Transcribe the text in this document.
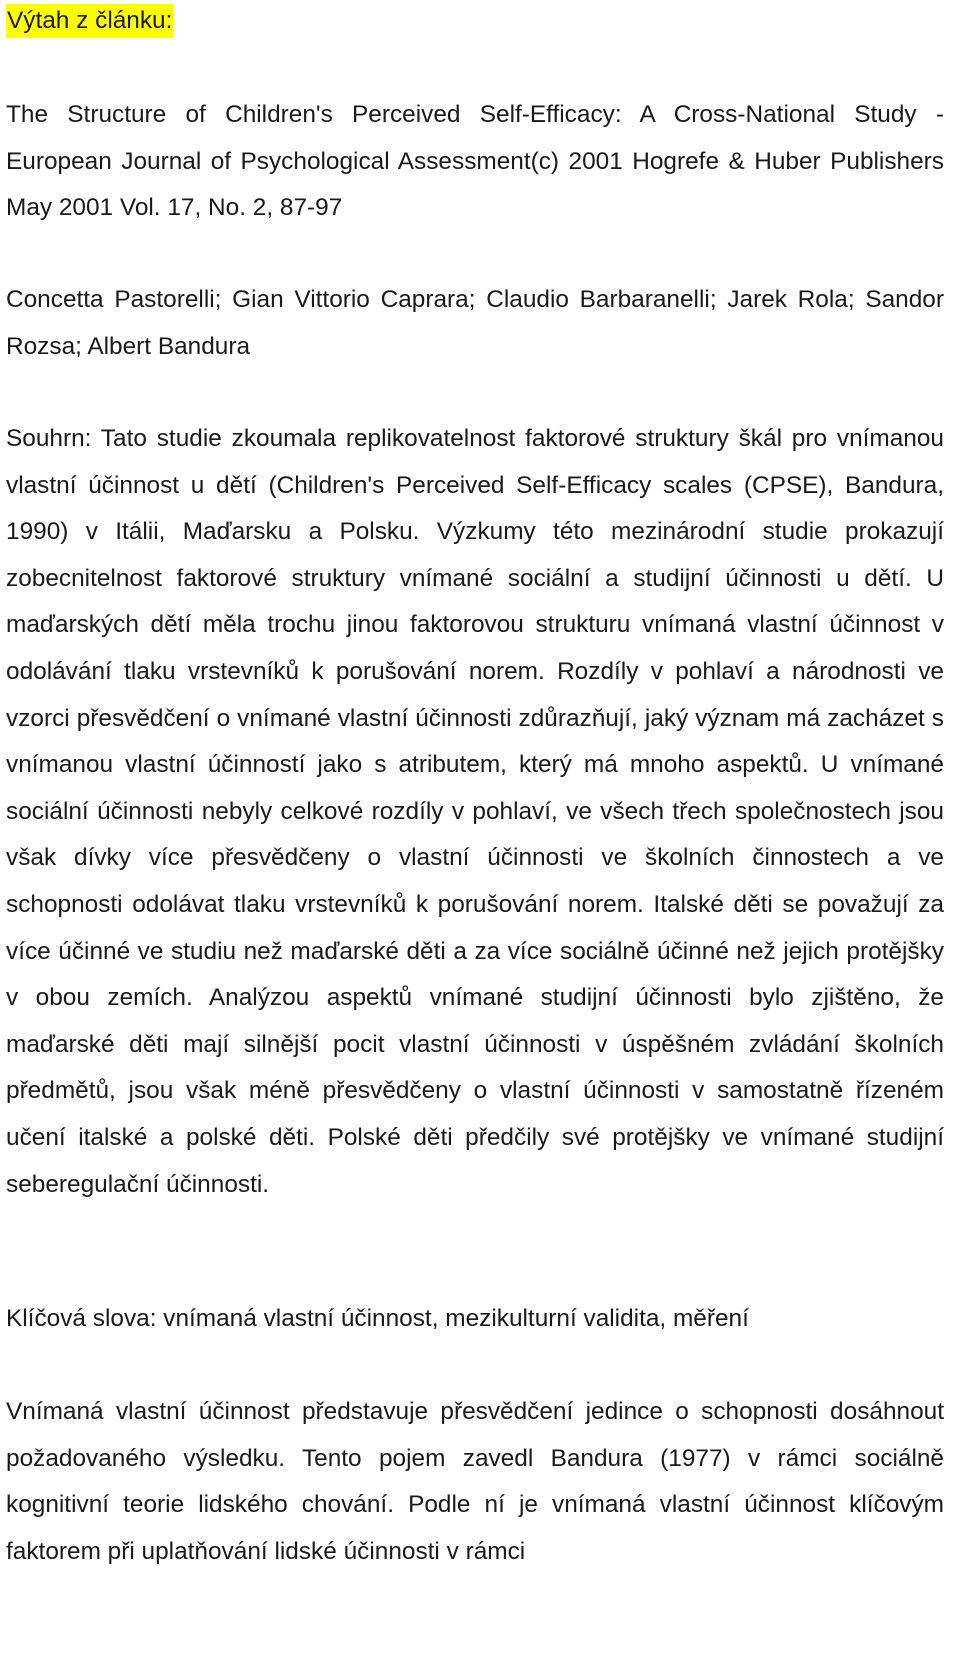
Výtah z článku:

The Structure of Children's Perceived Self-Efficacy: A Cross-National Study - European Journal of Psychological Assessment(c) 2001 Hogrefe & Huber Publishers May 2001 Vol. 17, No. 2, 87-97

Concetta Pastorelli; Gian Vittorio Caprara; Claudio Barbaranelli; Jarek Rola; Sandor Rozsa; Albert Bandura

Souhrn: Tato studie zkoumala replikovatelnost faktorové struktury škál pro vnímanou vlastní účinnost u dětí (Children's Perceived Self-Efficacy scales (CPSE), Bandura, 1990) v Itálii, Maďarsku a Polsku. Výzkumy této mezinárodní studie prokazují zobecnitelnost faktorové struktury vnímané sociální a studijní účinnosti u dětí. U maďarských dětí měla trochu jinou faktorovou strukturu vnímaná vlastní účinnost v odolávání tlaku vrstevníků k porušování norem. Rozdíly v pohlaví a národnosti ve vzorci přesvědčení o vnímané vlastní účinnosti zdůrazňují, jaký význam má zacházet s vnímanou vlastní účinností jako s atributem, který má mnoho aspektů. U vnímané sociální účinnosti nebyly celkové rozdíly v pohlaví, ve všech třech společnostech jsou však dívky více přesvědčeny o vlastní účinnosti ve školních činnostech a ve schopnosti odolávat tlaku vrstevníků k porušování norem. Italské děti se považují za více účinné ve studiu než maďarské děti a za více sociálně účinné než jejich protějšky v obou zemích. Analýzou aspektů vnímané studijní účinnosti bylo zjištěno, že maďarské děti mají silnější pocit vlastní účinnosti v úspěšném zvládání školních předmětů, jsou však méně přesvědčeny o vlastní účinnosti v samostatně řízeném učení italské a polské děti. Polské děti předčily své protějšky ve vnímané studijní seberegulační účinnosti.

Klíčová slova: vnímaná vlastní účinnost, mezikulturní validita, měření

Vnímaná vlastní účinnost představuje přesvědčení jedince o schopnosti dosáhnout požadovaného výsledku. Tento pojem zavedl Bandura (1977) v rámci sociálně kognitivní teorie lidského chování. Podle ní je vnímaná vlastní účinnost klíčovým faktorem při uplatňování lidské účinnosti v rámci
